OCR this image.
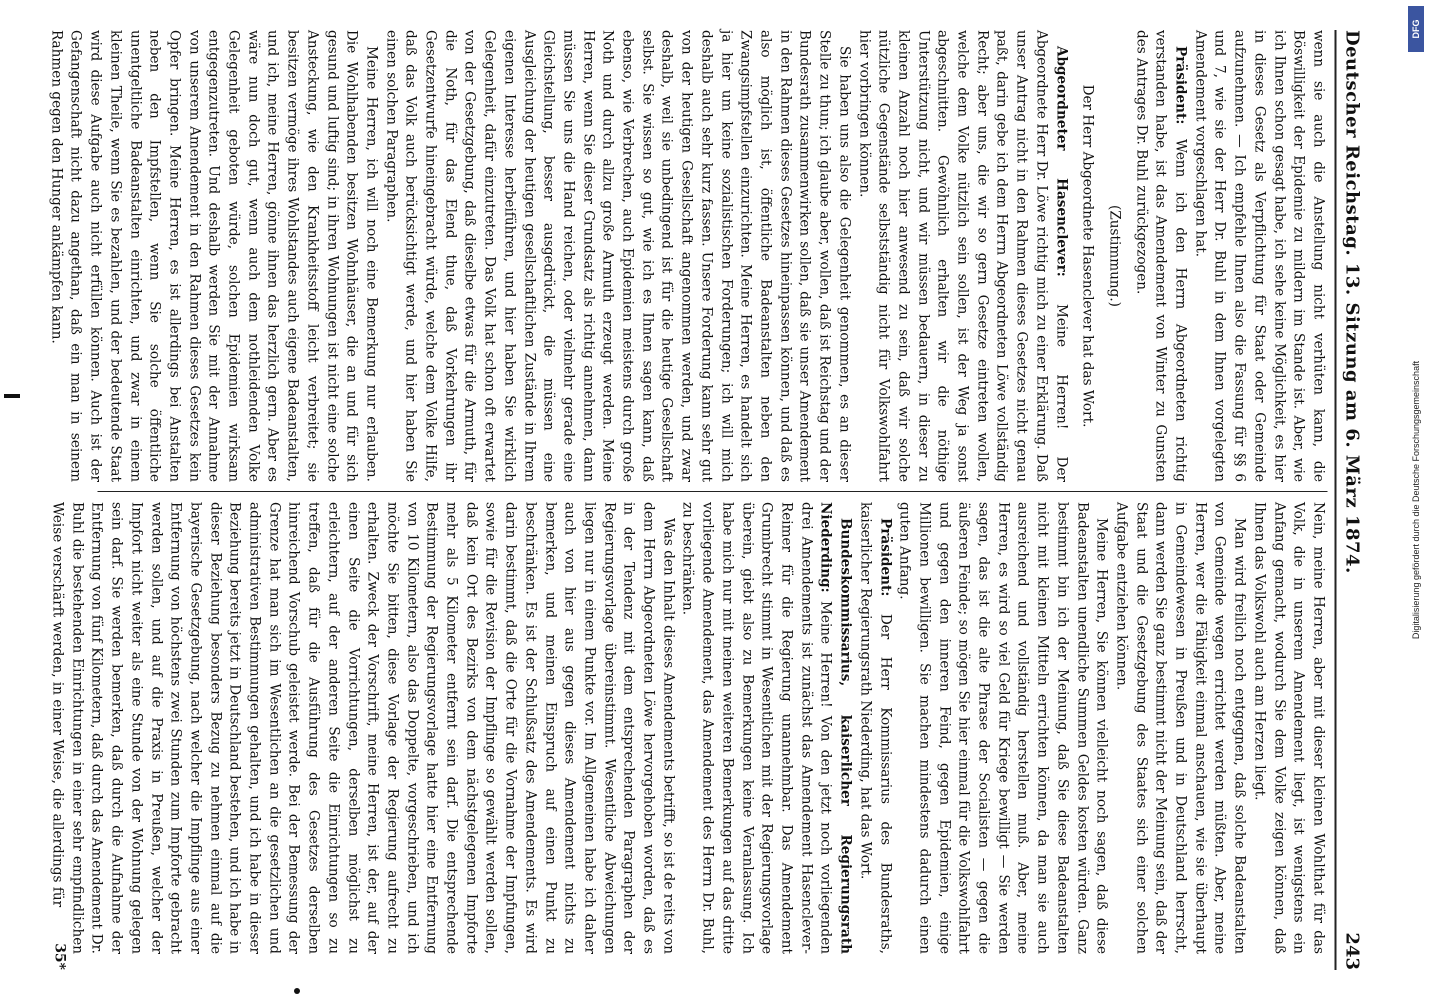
Deutscher Reichstag. 13. Sitzung am 6. März 1874.
243

wenn sie auch die Anstellung nicht verhüten kann, die Böswilligkeit der Epidemie zu mildern im Stande ist. Aber, wie ich Ihnen schon gesagt habe, ich sehe keine Möglichkeit, es hier in dieses Gesetz als Verpflichtung für Staat oder Gemeinde aufzunehmen. — Ich empfehle Ihnen also die Fassung für §§ 6 und 7, wie sie der Herr Dr. Buhl in dem Ihnen vorgelegten Amendement vorgeschlagen hat.

Präsident: Wenn ich den Herrn Abgeordneten richtig verstanden habe, ist das Amendement von Winter zu Gunsten des Antrages Dr. Buhl zurückgezogen.

(Zustimmung.)

Der Herr Abgeordnete Hasenclever hat das Wort.

Abgeordneter Hasenclever: Meine Herren! Der Abgeordnete Herr Dr. Löwe richtig mich zu einer Erklärung. Daß unser Antrag nicht in den Rahmen dieses Gesetzes nicht genau paßt, darin gebe ich dem Herrn Abgeordneten Löwe vollständig Recht; aber uns, die wir so gern Gesetze eintreten wollen, welche dem Volke nützlich sein sollen, ist der Weg ja sonst abgeschnitten. Gewöhnlich erhalten wir die nöthige Unterstützung nicht, und wir müssen bedauern, in dieser zu kleinen Anzahl noch hier anwesend zu sein, daß wir solche nützliche Gegenstände selbstständig nicht für Volkswohlfahrt hier vorbringen können.

Sie haben uns also die Gelegenheit genommen, es an dieser Stelle zu thun; ich glaube aber, wollen, daß ist Reichstag und der Bundesrath zusammenwirken sollen, daß sie unser Amendement in den Rahmen dieses Gesetzes hineinpassen können, und daß es also möglich ist, öffentliche Badeanstalten neben den Zwangsimpfstellen einzurichten. Meine Herren, es handelt sich ja hier um keine sozialistischen Forderungen; ich will mich deshalb auch sehr kurz fassen. Unsere Forderung kann sehr gut von der heutigen Gesellschaft angenommen werden, und zwar deshalb, weil sie unbedingend ist für die heutige Gesellschaft selbst. Sie wissen so gut, wie ich es Ihnen sagen kann, daß ebenso, wie Verbrechen, auch Epidemien meistens durch große Noth und durch allzu große Armuth erzeugt werden. Meine Herren, wenn Sie dieser Grundsatz als richtig annehmen, dann müssen Sie uns die Hand reichen, oder vielmehr gerade eine Gleichstellung, besser ausgedrückt, die müssen eine Ausgleichung der heutigen gesellschaftlichen Zustände in Ihrem eigenen Interesse herbeiführen, und hier haben Sie wirklich Gelegenheit, dafür einzutreten. Das Volk hat schon oft erwartet von der Gesetzgebung, daß dieselbe etwas für die Armuth, für die Noth, für das Elend thue, daß Vorkehrungen ihr Gesetzentwurfe hineingebracht würde, welche dem Volke Hilfe, daß das Volk auch berücksichtigt werde, und hier haben Sie einen solchen Paragraphen.

Meine Herren, ich will noch eine Bemerkung nur erlauben. Die Wohlhabenden besitzen Wohnhäuser, die an und für sich gesund und luftig sind; in ihren Wohnungen ist nicht eine solche Ansteckung, wie den Krankheitsstoff leicht verbreitet; sie besitzen vermöge ihres Wohlstandes auch eigene Badeanstalten, und ich, meine Herren, gönne ihnen das herzlich gern. Aber es wäre nun doch gut, wenn auch dem nothleidenden Volke Gelegenheit geboten würde, solchen Epidemien wirksam entgegenzutreten. Und deshalb werden Sie mit der Annahme von unserem Amendement in den Rahmen dieses Gesetzes kein Opfer bringen. Meine Herren, es ist allerdings bei Anstalten neben den Impfstellen, wenn Sie solche öffentliche unentgeltliche Badeanstalten einrichten, und zwar in einem kleinen Theile, wenn Sie es bezahlen, und der bedeutende Staat wird diese Aufgabe auch nicht erfüllen können. Auch ist der Gefangenschaft nicht dazu angethan, daß ein man in seinem Rahmen gegen den Hunger ankämpfen kann.

Nein, meine Herren, aber mit dieser kleinen Wohlthat für das Volk, die in unserem Amendement liegt, ist wenigstens ein Anfang gemacht, wodurch Sie dem Volke zeigen können, daß Ihnen das Volkswohl auch am Herzen liegt.

Man wird freilich noch entgegnen, daß solche Badeanstalten von Gemeinde wegen errichtet werden müßten. Aber, meine Herren, wer die Fähigkeit einmal anschauen, wie sie überhaupt in Gemeindewesen in Preußen und in Deutschland herrscht, dann werden Sie ganz bestimmt nicht der Meinung sein, daß der Staat und die Gesetzgebung des Staates sich einer solchen Aufgabe entziehen können.

Meine Herren, Sie können vielleicht noch sagen, daß diese Badeanstalten unendliche Summen Geldes kosten würden. Ganz bestimmt bin ich der Meinung, daß Sie diese Badeanstalten nicht mit kleinen Mitteln errichten können, da man sie auch ausreichend und vollständig herstellen muß. Aber, meine Herren, es wird so viel Geld für Kriege bewilligt — Sie werden sagen, das ist die alte Phrase der Socialisten — gegen die äußeren Feinde; so mögen Sie hier einmal für die Volkswohlfahrt und gegen den inneren Feind, gegen Epidemien, einige Millionen bewilligen. Sie machen mindestens dadurch einen guten Anfang.

Präsident: Der Herr Kommissarius des Bundesraths, kaiserlicher Regierungsrath Niederding, hat das Wort.

Bundeskommissarius, kaiserlicher Regierungsrath Niederding: Meine Herren! Von den jetzt noch vorliegenden drei Amendements ist zunächst das Amendement Hasenclever-Reimer für die Regierung unannehmbar. Das Amendement Grumbrecht stimmt in Wesentlichen mit der Regierungsvorlage überein, giebt also zu Bemerkungen keine Veranlassung. Ich habe mich nur mit meinen weiteren Bemerkungen auf das dritte vorliegende Amendement, das Amendement des Herrn Dr. Buhl, zu beschränken.

Was den Inhalt dieses Amendements betrifft, so ist de reits von dem Herrn Abgeordneten Löwe hervorgehoben worden, daß es in der Tendenz mit dem entsprechenden Paragraphen der Regierungsvorlage übereinstimmt. Wesentliche Abweichungen liegen nur in einem Punkte vor. Im Allgemeinen habe ich daher auch von hier aus gegen dieses Amendement nichts zu bemerken, und meinen Einspruch auf einen Punkt zu beschränken. Es ist der Schlußsatz des Amendements. Es wird darin bestimmt, daß die Orte für die Vornahme der Impfungen, sowie für die Revision der Impflinge so gewählt werden sollen, daß kein Ort des Bezirks von dem nächstgelegenen Impforte mehr als 5 Kilometer entfernt sein darf. Die entsprechende Bestimmung der Regierungsvorlage hatte hier eine Entfernung von 10 Kilometern, also das Doppelte, vorgeschrieben, und ich möchte Sie bitten, diese Vorlage der Regierung aufrecht zu erhalten. Zweck der Vorschrift, meine Herren, ist der, auf der einen Seite die Vorrichtungen, derselben möglichst zu erleichtern, auf der anderen Seite die Einrichtungen so zu treffen, daß für die Ausführung des Gesetzes derselben hinreichend Vorschub geleistet werde. Bei der Bemessung der Grenze hat man sich im Wesentlichen an die gesetzlichen und administrativen Bestimmungen gehalten, und ich habe in dieser Beziehung bereits jetzt in Deutschland bestehen, und ich habe in dieser Beziehung besonders Bezug zu nehmen einmal auf die bayerische Gesetzgebung, nach welcher die Impflinge aus einer Entfernung von höchstens zwei Stunden zum Impforte gebracht werden sollen, und auf die Praxis in Preußen, welcher der Impfort nicht weiter als eine Stunde von der Wohnung gelegen sein darf. Sie werden bemerken, daß durch die Aufnahme der Entfernung von fünf Kilometern, daß durch das Amendement Dr. Buhl die bestehenden Einrichtungen in einer sehr empfindlichen Weise verschärft werden, in einer Weise, die allerdings für

35*
DFG
Digitalisierung gefördert durch die Deutsche Forschungsgemeinschaft
